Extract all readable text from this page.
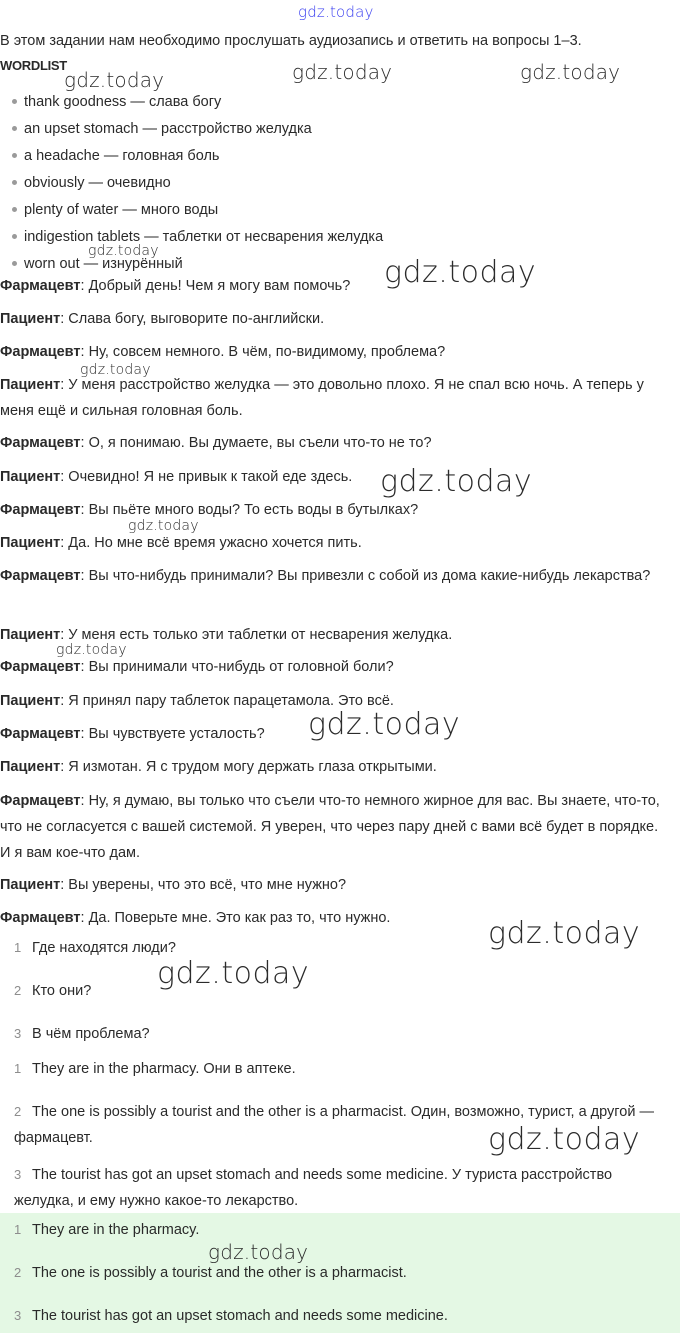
В этом задании нам необходимо прослушать аудиозапись и ответить на вопросы 1–3.
WORDLIST
thank goodness — слава богу
an upset stomach — расстройство желудка
a headache — головная боль
obviously — очевидно
plenty of water — много воды
indigestion tablets — таблетки от несварения желудка
worn out — изнурённый
Фармацевт: Добрый день! Чем я могу вам помочь?
Пациент: Слава богу, выговорите по-английски.
Фармацевт: Ну, совсем немного. В чём, по-видимому, проблема?
Пациент: У меня расстройство желудка — это довольно плохо. Я не спал всю ночь. А теперь у меня ещё и сильная головная боль.
Фармацевт: О, я понимаю. Вы думаете, вы съели что-то не то?
Пациент: Очевидно! Я не привык к такой еде здесь.
Фармацевт: Вы пьёте много воды? То есть воды в бутылках?
Пациент: Да. Но мне всё время ужасно хочется пить.
Фармацевт: Вы что-нибудь принимали? Вы привезли с собой из дома какие-нибудь лекарства?
Пациент: У меня есть только эти таблетки от несварения желудка.
Фармацевт: Вы принимали что-нибудь от головной боли?
Пациент: Я принял пару таблеток парацетамола. Это всё.
Фармацевт: Вы чувствуете усталость?
Пациент: Я измотан. Я с трудом могу держать глаза открытыми.
Фармацевт: Ну, я думаю, вы только что съели что-то немного жирное для вас. Вы знаете, что-то, что не согласуется с вашей системой. Я уверен, что через пару дней с вами всё будет в порядке. И я вам кое-что дам.
Пациент: Вы уверены, что это всё, что мне нужно?
Фармацевт: Да. Поверьте мне. Это как раз то, что нужно.
1 Где находятся люди?
2 Кто они?
3 В чём проблема?
1 They are in the pharmacy. Они в аптеке.
2 The one is possibly a tourist and the other is a pharmacist. Один, возможно, турист, а другой — фармацевт.
3 The tourist has got an upset stomach and needs some medicine. У туриста расстройство желудка, и ему нужно какое-то лекарство.
1 They are in the pharmacy.
2 The one is possibly a tourist and the other is a pharmacist.
3 The tourist has got an upset stomach and needs some medicine.
gdz.today
gdz.today	gdz.today	gdz.today
gdz.today
gdz.today
gdz.today
gdz.today
gdz.today
gdz.today
gdz.today
gdz.today
gdz.today
gdz.today
gdz.today
